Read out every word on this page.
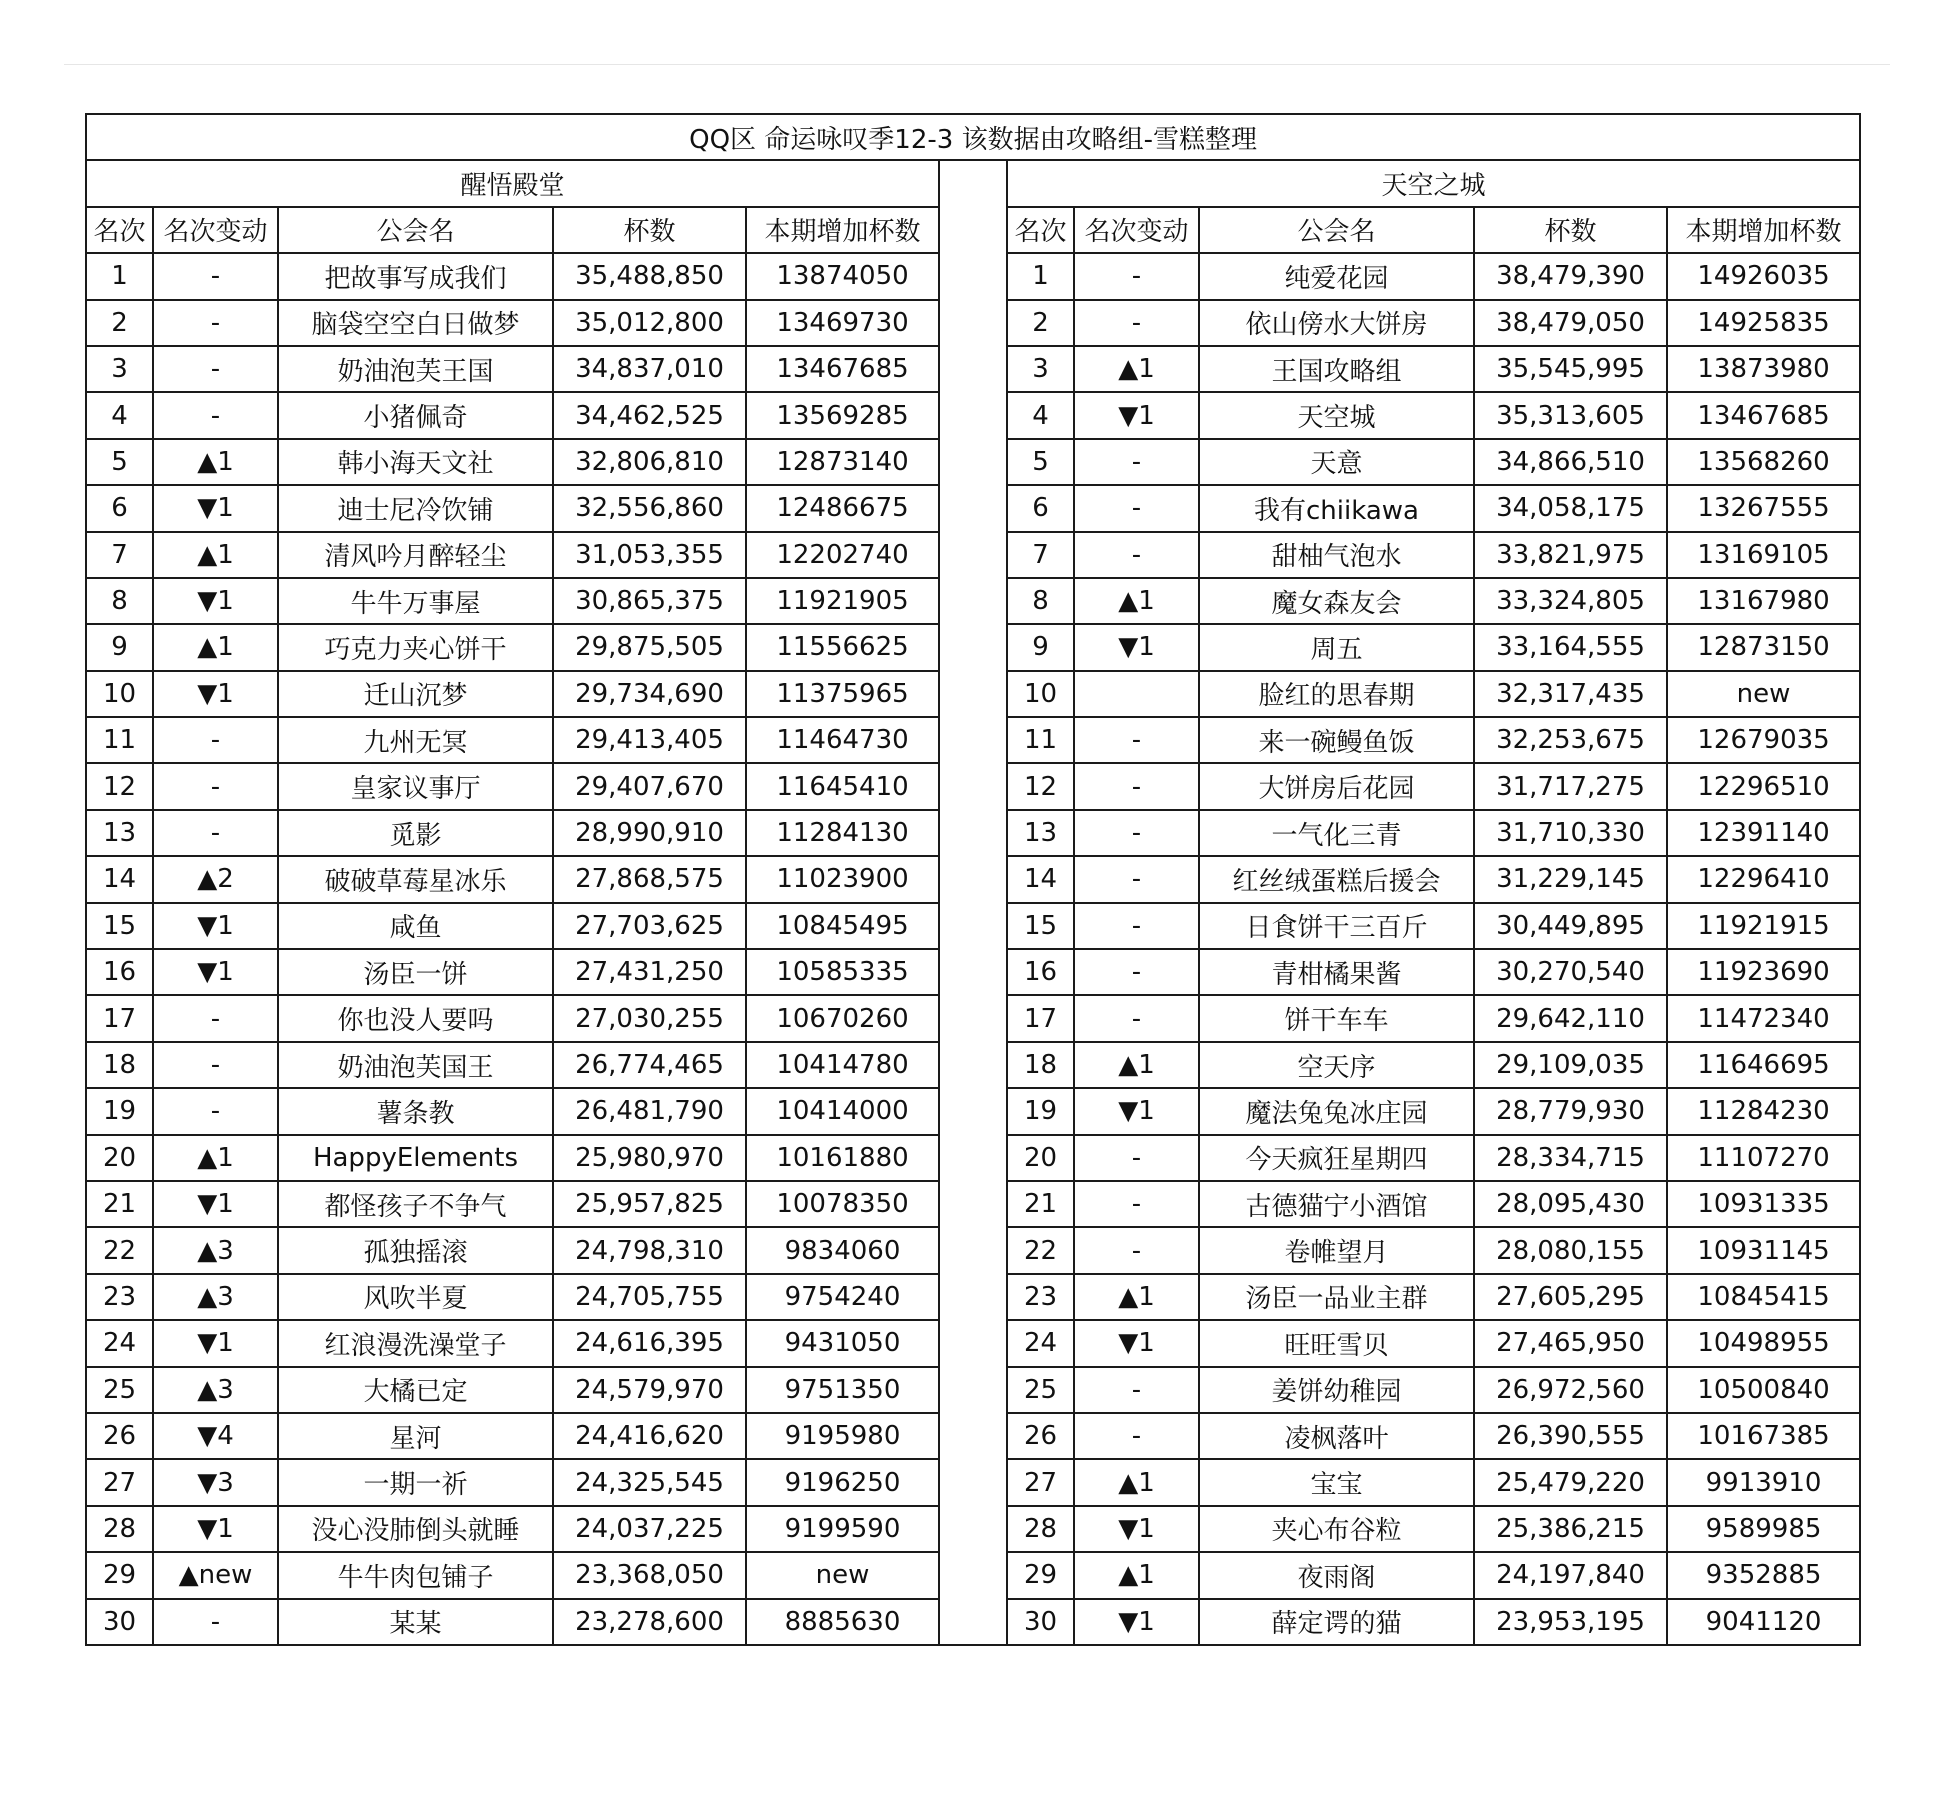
QQ区 命运咏叹季12-3 该数据由攻略组-雪糕整理										
醒悟殿堂						天空之城				
名次	名次变动	公会名	杯数	本期增加杯数		名次	名次变动	公会名	杯数	本期增加杯数
1	-	把故事写成我们	35,488,850	13874050		1	-	纯爱花园	38,479,390	14926035
2	-	脑袋空空白日做梦	35,012,800	13469730		2	-	依山傍水大饼房	38,479,050	14925835
3	-	奶油泡芙王国	34,837,010	13467685		3	▲1	王国攻略组	35,545,995	13873980
4	-	小猪佩奇	34,462,525	13569285		4	▼1	天空城	35,313,605	13467685
5	▲1	韩小海天文社	32,806,810	12873140		5	-	天意	34,866,510	13568260
6	▼1	迪士尼冷饮铺	32,556,860	12486675		6	-	我有chiikawa	34,058,175	13267555
7	▲1	清风吟月醉轻尘	31,053,355	12202740		7	-	甜柚气泡水	33,821,975	13169105
8	▼1	牛牛万事屋	30,865,375	11921905		8	▲1	魔女森友会	33,324,805	13167980
9	▲1	巧克力夹心饼干	29,875,505	11556625		9	▼1	周五	33,164,555	12873150
10	▼1	迁山沉梦	29,734,690	11375965		10		脸红的思春期	32,317,435	new
11	-	九州无冥	29,413,405	11464730		11	-	来一碗鳗鱼饭	32,253,675	12679035
12	-	皇家议事厅	29,407,670	11645410		12	-	大饼房后花园	31,717,275	12296510
13	-	觅影	28,990,910	11284130		13	-	一气化三青	31,710,330	12391140
14	▲2	破破草莓星冰乐	27,868,575	11023900		14	-	红丝绒蛋糕后援会	31,229,145	12296410
15	▼1	咸鱼	27,703,625	10845495		15	-	日食饼干三百斤	30,449,895	11921915
16	▼1	汤臣一饼	27,431,250	10585335		16	-	青柑橘果酱	30,270,540	11923690
17	-	你也没人要吗	27,030,255	10670260		17	-	饼干车车	29,642,110	11472340
18	-	奶油泡芙国王	26,774,465	10414780		18	▲1	空天序	29,109,035	11646695
19	-	薯条教	26,481,790	10414000		19	▼1	魔法兔兔冰庄园	28,779,930	11284230
20	▲1	HappyElements	25,980,970	10161880		20	-	今天疯狂星期四	28,334,715	11107270
21	▼1	都怪孩子不争气	25,957,825	10078350		21	-	古德猫宁小酒馆	28,095,430	10931335
22	▲3	孤独摇滚	24,798,310	9834060		22	-	卷帷望月	28,080,155	10931145
23	▲3	风吹半夏	24,705,755	9754240		23	▲1	汤臣一品业主群	27,605,295	10845415
24	▼1	红浪漫洗澡堂子	24,616,395	9431050		24	▼1	旺旺雪贝	27,465,950	10498955
25	▲3	大橘已定	24,579,970	9751350		25	-	姜饼幼稚园	26,972,560	10500840
26	▼4	星河	24,416,620	9195980		26	-	凌枫落叶	26,390,555	10167385
27	▼3	一期一祈	24,325,545	9196250		27	▲1	宝宝	25,479,220	9913910
28	▼1	没心没肺倒头就睡	24,037,225	9199590		28	▼1	夹心布谷粒	25,386,215	9589985
29	▲new	牛牛肉包铺子	23,368,050	new		29	▲1	夜雨阁	24,197,840	9352885
30	-	某某	23,278,600	8885630		30	▼1	薛定谔的猫	23,953,195	9041120
